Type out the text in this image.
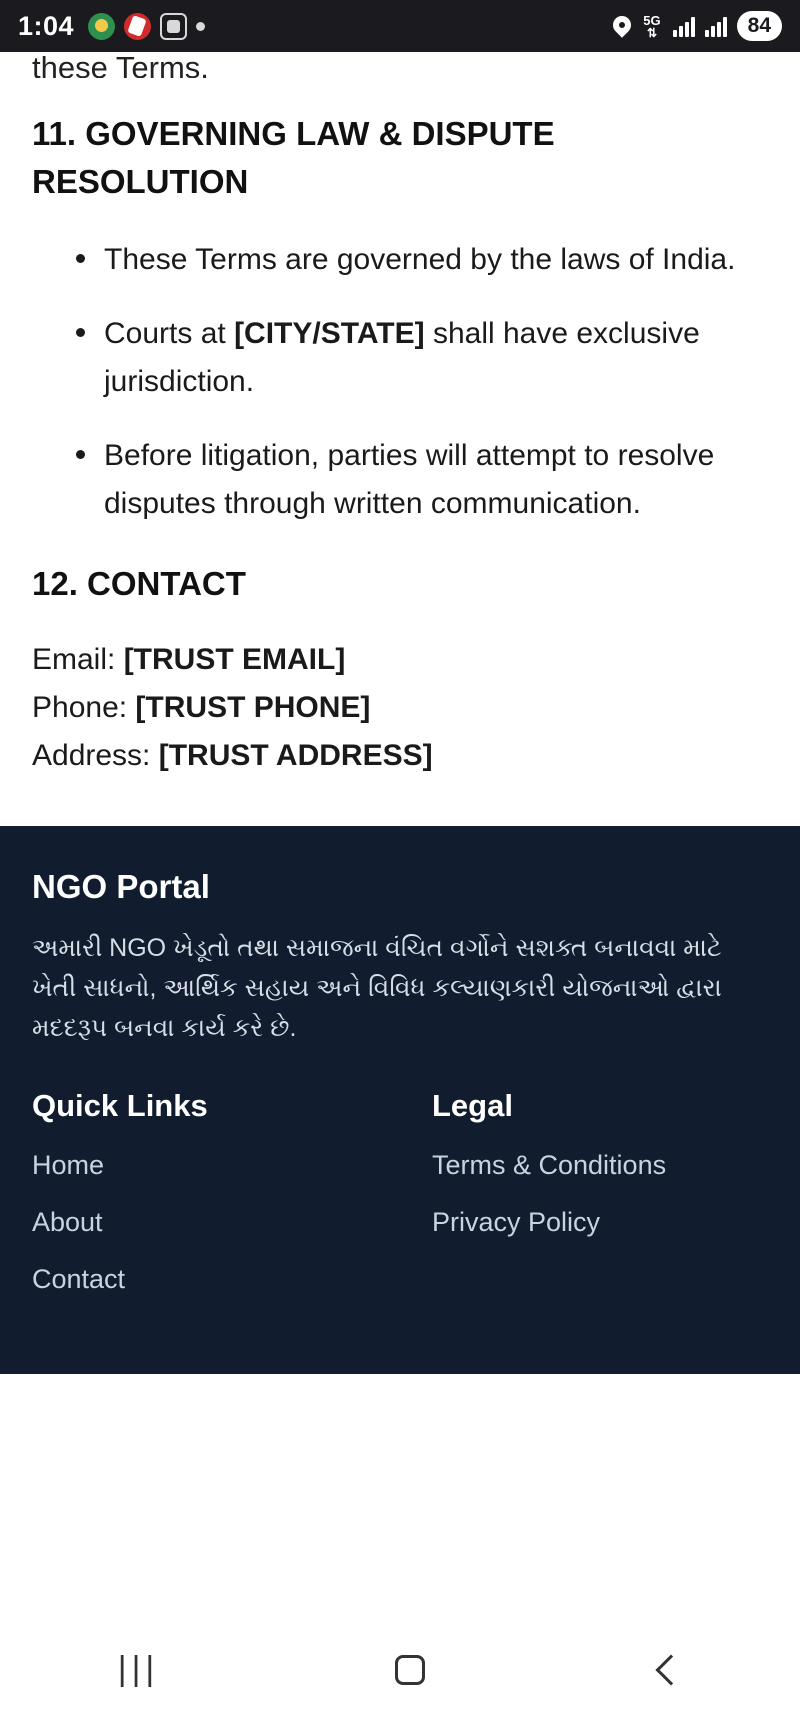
1:04	5G
⇅	84
these Terms.
11. GOVERNING LAW & DISPUTE RESOLUTION
These Terms are governed by the laws of India.
Courts at [CITY/STATE] shall have exclusive jurisdiction.
Before litigation, parties will attempt to resolve disputes through written communication.
12. CONTACT
Email: [TRUST EMAIL]
Phone: [TRUST PHONE]
Address: [TRUST ADDRESS]
NGO Portal
અમારી NGO ખેડૂતો તથા સમાજના વંચિત વર્ગોને સશક્ત બનાવવા માટે ખેતી સાધનો, આર્થિક સહાય અને વિવિધ કલ્યાણકારી યોજનાઓ દ્વારા મદદરૂપ બનવા કાર્ય કરે છે.
Quick Links
Home
About
Contact
Legal
Terms & Conditions
Privacy Policy
|||
